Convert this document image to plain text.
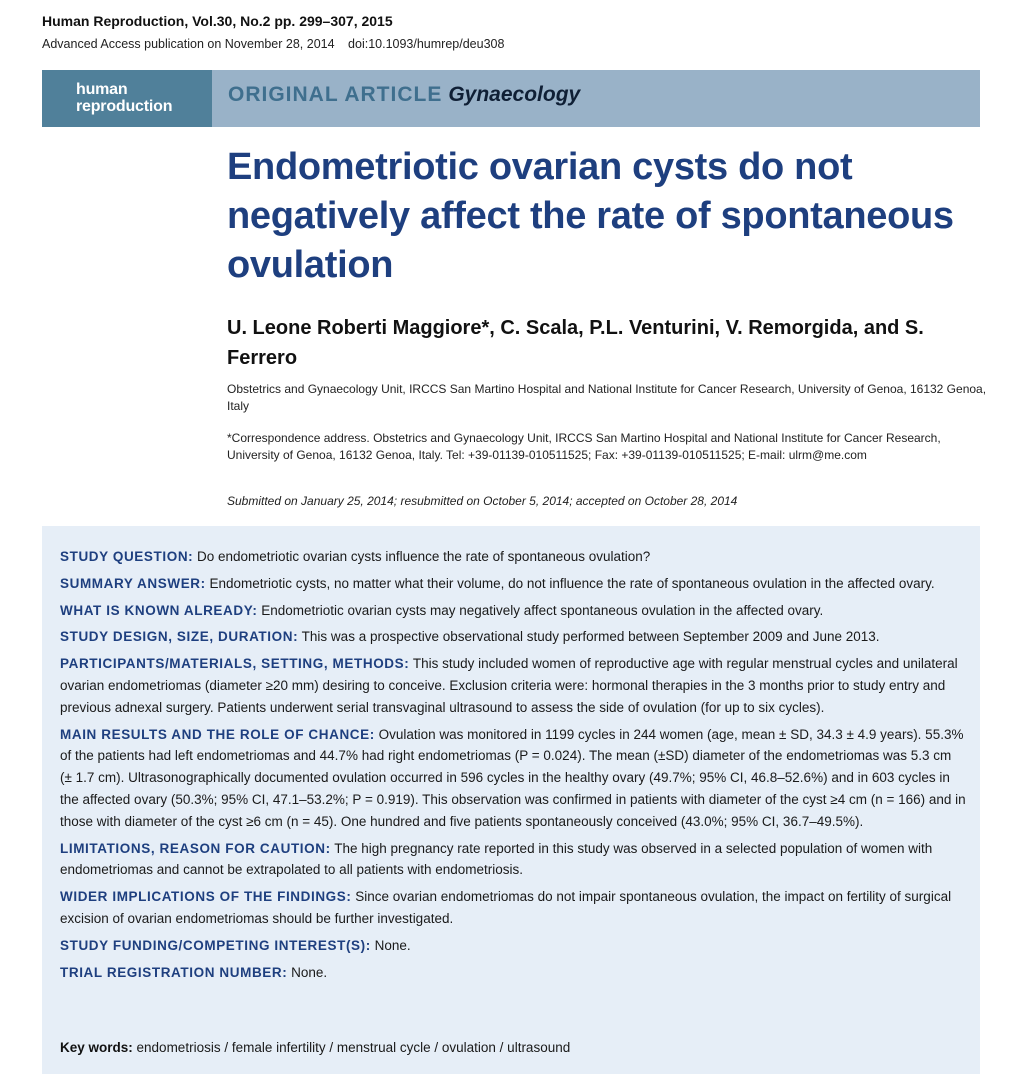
Human Reproduction, Vol.30, No.2 pp. 299–307, 2015
Advanced Access publication on November 28, 2014 doi:10.1093/humrep/deu308
human
reproduction
ORIGINAL ARTICLE Gynaecology
Endometriotic ovarian cysts do not negatively affect the rate of spontaneous ovulation
U. Leone Roberti Maggiore*, C. Scala, P.L. Venturini, V. Remorgida, and S. Ferrero
Obstetrics and Gynaecology Unit, IRCCS San Martino Hospital and National Institute for Cancer Research, University of Genoa, 16132 Genoa, Italy
*Correspondence address. Obstetrics and Gynaecology Unit, IRCCS San Martino Hospital and National Institute for Cancer Research, University of Genoa, 16132 Genoa, Italy. Tel: +39-01139-010511525; Fax: +39-01139-010511525; E-mail: ulrm@me.com
Submitted on January 25, 2014; resubmitted on October 5, 2014; accepted on October 28, 2014

STUDY QUESTION: Do endometriotic ovarian cysts influence the rate of spontaneous ovulation?

SUMMARY ANSWER: Endometriotic cysts, no matter what their volume, do not influence the rate of spontaneous ovulation in the affected ovary.

WHAT IS KNOWN ALREADY: Endometriotic ovarian cysts may negatively affect spontaneous ovulation in the affected ovary.

STUDY DESIGN, SIZE, DURATION: This was a prospective observational study performed between September 2009 and June 2013.

PARTICIPANTS/MATERIALS, SETTING, METHODS: This study included women of reproductive age with regular menstrual cycles and unilateral ovarian endometriomas (diameter ≥20 mm) desiring to conceive. Exclusion criteria were: hormonal therapies in the 3 months prior to study entry and previous adnexal surgery. Patients underwent serial transvaginal ultrasound to assess the side of ovulation (for up to six cycles).

MAIN RESULTS AND THE ROLE OF CHANCE: Ovulation was monitored in 1199 cycles in 244 women (age, mean ± SD, 34.3 ± 4.9 years). 55.3% of the patients had left endometriomas and 44.7% had right endometriomas (P = 0.024). The mean (±SD) diameter of the endometriomas was 5.3 cm (± 1.7 cm). Ultrasonographically documented ovulation occurred in 596 cycles in the healthy ovary (49.7%; 95% CI, 46.8–52.6%) and in 603 cycles in the affected ovary (50.3%; 95% CI, 47.1–53.2%; P = 0.919). This observation was confirmed in patients with diameter of the cyst ≥4 cm (n = 166) and in those with diameter of the cyst ≥6 cm (n = 45). One hundred and five patients spontaneously conceived (43.0%; 95% CI, 36.7–49.5%).

LIMITATIONS, REASON FOR CAUTION: The high pregnancy rate reported in this study was observed in a selected population of women with endometriomas and cannot be extrapolated to all patients with endometriosis.

WIDER IMPLICATIONS OF THE FINDINGS: Since ovarian endometriomas do not impair spontaneous ovulation, the impact on fertility of surgical excision of ovarian endometriomas should be further investigated.

STUDY FUNDING/COMPETING INTEREST(S): None.

TRIAL REGISTRATION NUMBER: None.

Key words: endometriosis / female infertility / menstrual cycle / ovulation / ultrasound
